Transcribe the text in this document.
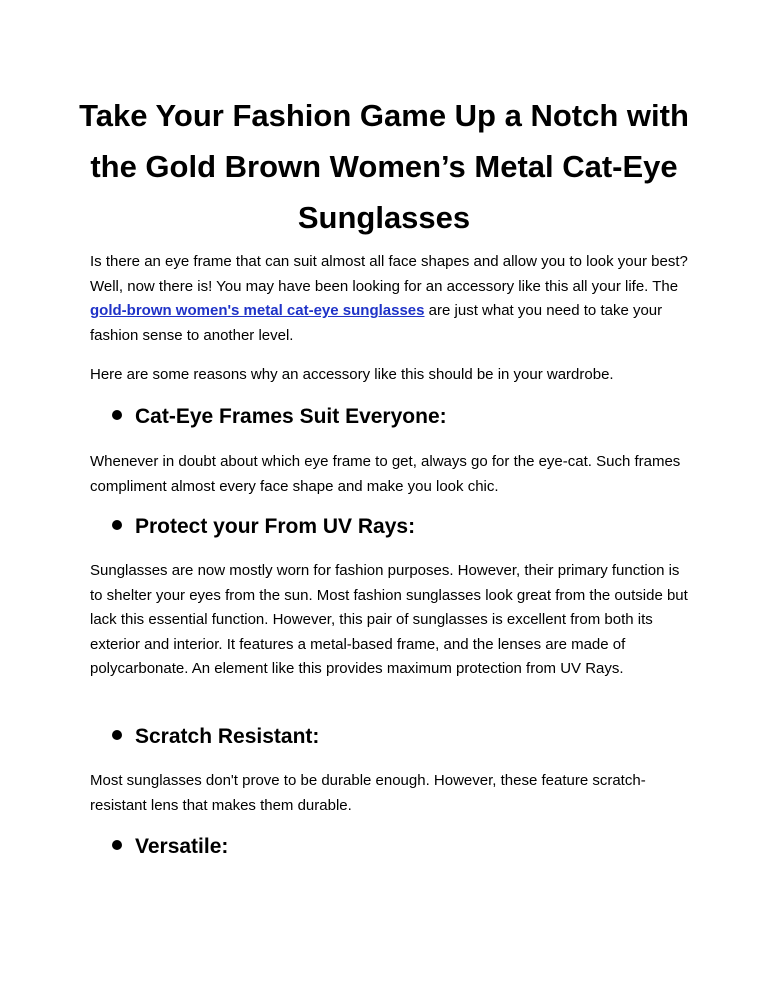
Take Your Fashion Game Up a Notch with the Gold Brown Women’s Metal Cat-Eye Sunglasses

Is there an eye frame that can suit almost all face shapes and allow you to look your best? Well, now there is! You may have been looking for an accessory like this all your life. The gold-brown women's metal cat-eye sunglasses are just what you need to take your fashion sense to another level.

Here are some reasons why an accessory like this should be in your wardrobe.

Cat-Eye Frames Suit Everyone:

Whenever in doubt about which eye frame to get, always go for the eye-cat. Such frames compliment almost every face shape and make you look chic.

Protect your From UV Rays:

Sunglasses are now mostly worn for fashion purposes. However, their primary function is to shelter your eyes from the sun. Most fashion sunglasses look great from the outside but lack this essential function. However, this pair of sunglasses is excellent from both its exterior and interior. It features a metal-based frame, and the lenses are made of polycarbonate. An element like this provides maximum protection from UV Rays.

Scratch Resistant:

Most sunglasses don't prove to be durable enough. However, these feature scratch-resistant lens that makes them durable.

Versatile:
